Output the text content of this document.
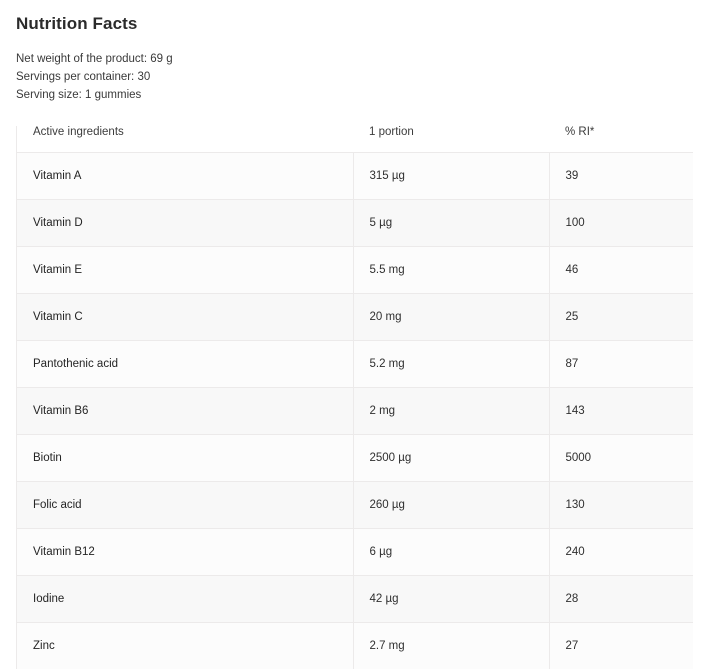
Nutrition Facts
Net weight of the product: 69 g
Servings per container: 30
Serving size: 1 gummies
Active ingredients	1 portion	% RI*
Vitamin A	315 µg	39
Vitamin D	5 µg	100
Vitamin E	5.5 mg	46
Vitamin C	20 mg	25
Pantothenic acid	5.2 mg	87
Vitamin B6	2 mg	143
Biotin	2500 µg	5000
Folic acid	260 µg	130
Vitamin B12	6 µg	240
Iodine	42 µg	28
Zinc	2.7 mg	27
